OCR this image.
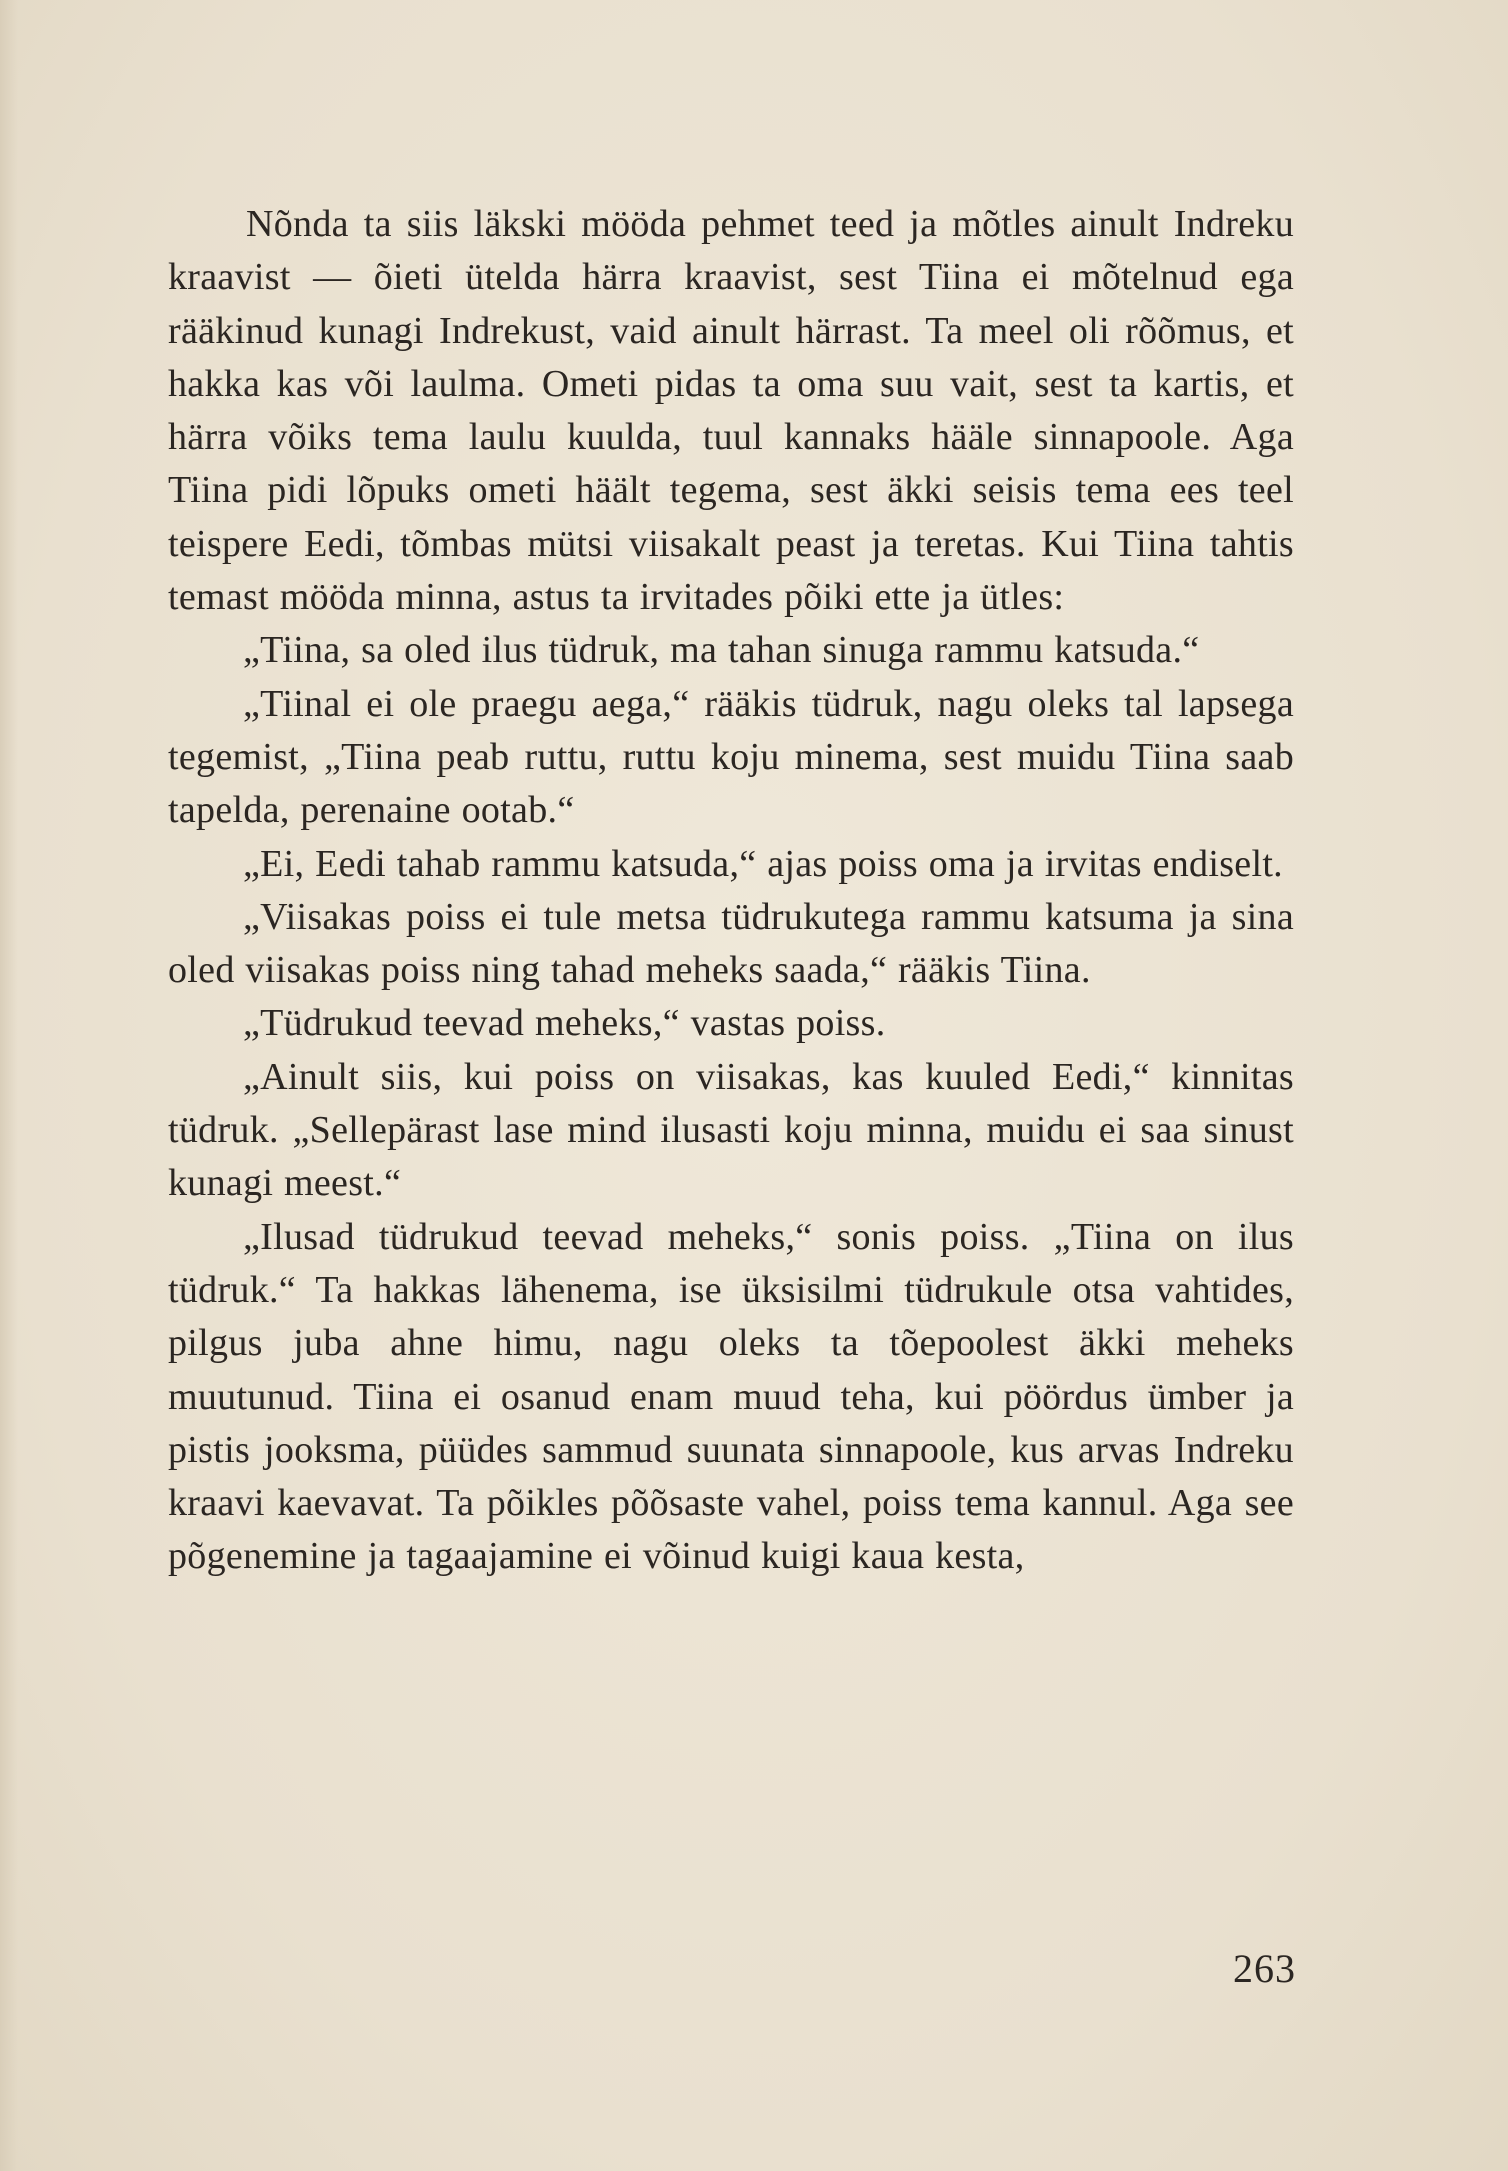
Nõnda ta siis läkski mööda pehmet teed ja mõtles ainult Indreku kraavist — õieti ütelda härra kraavist, sest Tiina ei mõtelnud ega rääkinud kunagi Indrekust, vaid ainult härrast. Ta meel oli rõõmus, et hakka kas või laulma. Ometi pidas ta oma suu vait, sest ta kartis, et härra võiks tema laulu kuulda, tuul kannaks hääle sinnapoole. Aga Tiina pidi lõpuks ometi häält tegema, sest äkki seisis tema ees teel teispere Eedi, tõmbas mütsi viisakalt peast ja teretas. Kui Tiina tahtis temast mööda minna, astus ta irvitades põiki ette ja ütles:

„Tiina, sa oled ilus tüdruk, ma tahan sinuga rammu katsuda.“

„Tiinal ei ole praegu aega,“ rääkis tüdruk, nagu oleks tal lapsega tegemist, „Tiina peab ruttu, ruttu koju minema, sest muidu Tiina saab tapelda, perenaine ootab.“

„Ei, Eedi tahab rammu katsuda,“ ajas poiss oma ja irvitas endiselt.

„Viisakas poiss ei tule metsa tüdrukutega rammu katsuma ja sina oled viisakas poiss ning tahad meheks saada,“ rääkis Tiina.

„Tüdrukud teevad meheks,“ vastas poiss.

„Ainult siis, kui poiss on viisakas, kas kuuled Eedi,“ kinnitas tüdruk. „Sellepärast lase mind ilusasti koju minna, muidu ei saa sinust kunagi meest.“

„Ilusad tüdrukud teevad meheks,“ sonis poiss. „Tiina on ilus tüdruk.“ Ta hakkas lähenema, ise üksisilmi tüdrukule otsa vahtides, pilgus juba ahne himu, nagu oleks ta tõepoolest äkki meheks muutunud. Tiina ei osanud enam muud teha, kui pöördus ümber ja pistis jooksma, püüdes sammud suunata sinnapoole, kus arvas Indreku kraavi kaevavat. Ta põikles põõsaste vahel, poiss tema kannul. Aga see põgenemine ja tagaajamine ei võinud kuigi kaua kesta,

263
